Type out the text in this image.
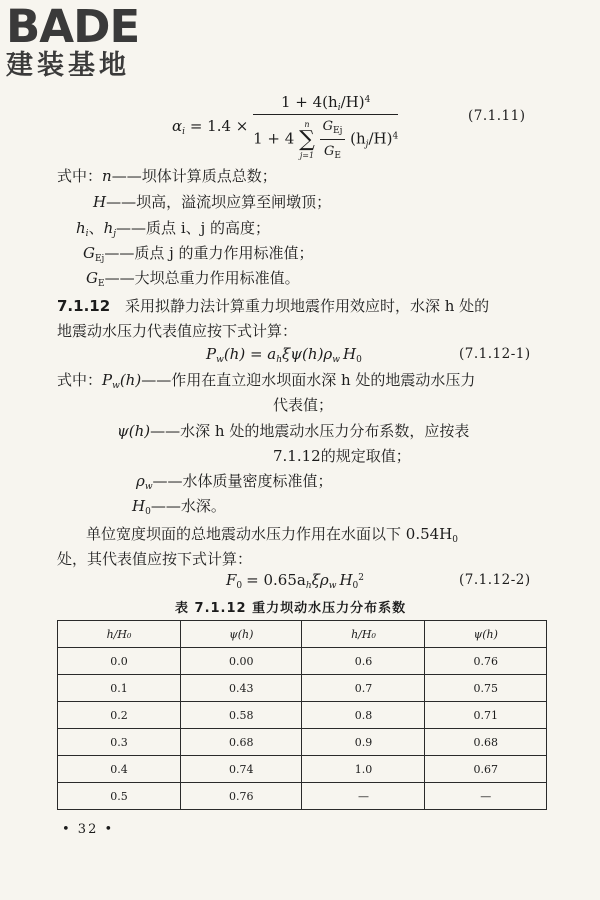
BADE
建装基地
$\alpha_i = 1.4$ ×
$1 + 4(h_i/H)^4$
1 + 4
n
∑
j=1
$\frac{G_{Ej}}{G_E} (h_j/H)^4$
(7.1.11)
式中：n——坝体计算质点总数；
H——坝高，溢流坝应算至闸墩顶；
$h_i$、$h_j——$质点 i、j 的高度；
$G_{Ej}——$质点 j 的重力作用标准值；
$G_E——$大坝总重力作用标准值。
7.1.12 采用拟静力法计算重力坝地震作用效应时，水深 h 处的
地震动水压力代表值应按下式计算：
$P_w(h) = a_h\xi\psi(h)\rho_w$ $H_0$	(7.1.12-1)
式中：$P_w(h)——$作用在直立迎水坝面水深 h 处的地震动水压力
代表值；
ψ(h)——水深 h 处的地震动水压力分布系数，应按表
7.1.12的规定取值；
$\rho_w——$水体质量密度标准值；
$H_0——$水深。
单位宽度坝面的总地震动水压力作用在水面以下 $0.54H_0$
处，其代表值应按下式计算：
$F_0 = 0.65a_h\xi\rho_w$ $H_0^2$	(7.1.12-2)
表 7.1.12 重力坝动水压力分布系数
h/H₀	ψ(h)	h/H₀	ψ(h)
0.0	0.00	0.6	0.76
0.1	0.43	0.7	0.75
0.2	0.58	0.8	0.71
0.3	0.68	0.9	0.68
0.4	0.74	1.0	0.67
0.5	0.76	—	—
• 32 •
